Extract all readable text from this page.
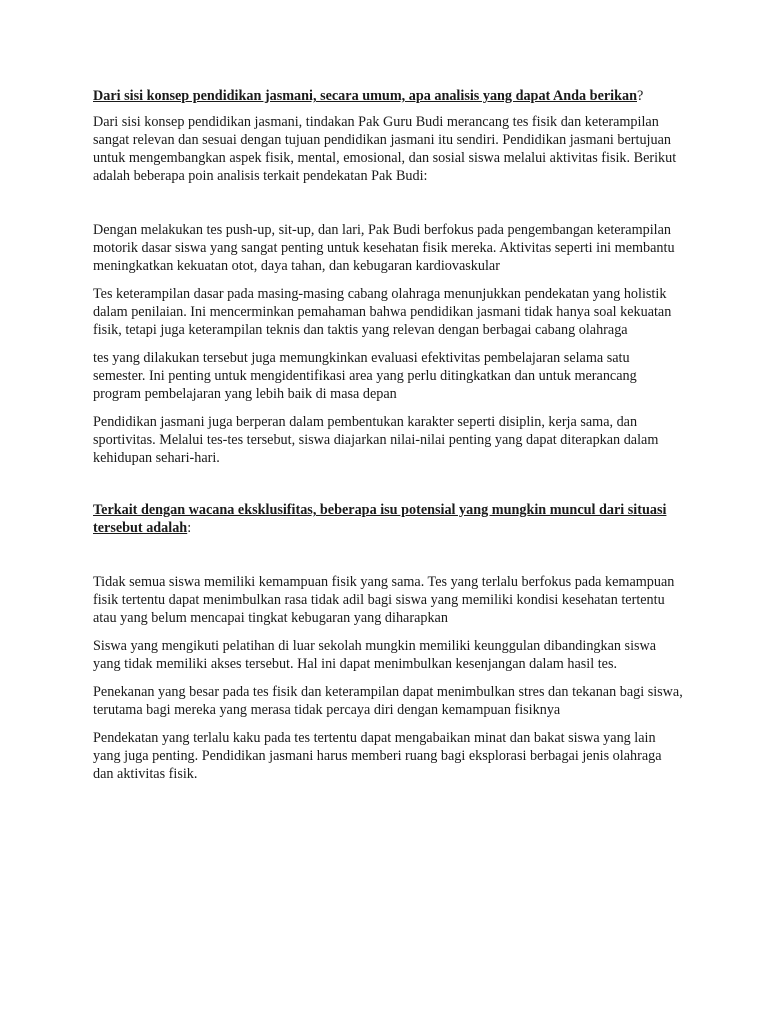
Dari sisi konsep pendidikan jasmani, secara umum, apa analisis yang dapat Anda berikan?

Dari sisi konsep pendidikan jasmani, tindakan Pak Guru Budi merancang tes fisik dan keterampilan sangat relevan dan sesuai dengan tujuan pendidikan jasmani itu sendiri. Pendidikan jasmani bertujuan untuk mengembangkan aspek fisik, mental, emosional, dan sosial siswa melalui aktivitas fisik. Berikut adalah beberapa poin analisis terkait pendekatan Pak Budi:

Dengan melakukan tes push-up, sit-up, dan lari, Pak Budi berfokus pada pengembangan keterampilan motorik dasar siswa yang sangat penting untuk kesehatan fisik mereka. Aktivitas seperti ini membantu meningkatkan kekuatan otot, daya tahan, dan kebugaran kardiovaskular

Tes keterampilan dasar pada masing-masing cabang olahraga menunjukkan pendekatan yang holistik dalam penilaian. Ini mencerminkan pemahaman bahwa pendidikan jasmani tidak hanya soal kekuatan fisik, tetapi juga keterampilan teknis dan taktis yang relevan dengan berbagai cabang olahraga

tes yang dilakukan tersebut juga memungkinkan evaluasi efektivitas pembelajaran selama satu semester. Ini penting untuk mengidentifikasi area yang perlu ditingkatkan dan untuk merancang program pembelajaran yang lebih baik di masa depan

Pendidikan jasmani juga berperan dalam pembentukan karakter seperti disiplin, kerja sama, dan sportivitas. Melalui tes-tes tersebut, siswa diajarkan nilai-nilai penting yang dapat diterapkan dalam kehidupan sehari-hari.

Terkait dengan wacana eksklusifitas, beberapa isu potensial yang mungkin muncul dari situasi tersebut adalah:

Tidak semua siswa memiliki kemampuan fisik yang sama. Tes yang terlalu berfokus pada kemampuan fisik tertentu dapat menimbulkan rasa tidak adil bagi siswa yang memiliki kondisi kesehatan tertentu atau yang belum mencapai tingkat kebugaran yang diharapkan

Siswa yang mengikuti pelatihan di luar sekolah mungkin memiliki keunggulan dibandingkan siswa yang tidak memiliki akses tersebut. Hal ini dapat menimbulkan kesenjangan dalam hasil tes.

Penekanan yang besar pada tes fisik dan keterampilan dapat menimbulkan stres dan tekanan bagi siswa, terutama bagi mereka yang merasa tidak percaya diri dengan kemampuan fisiknya

Pendekatan yang terlalu kaku pada tes tertentu dapat mengabaikan minat dan bakat siswa yang lain yang juga penting. Pendidikan jasmani harus memberi ruang bagi eksplorasi berbagai jenis olahraga dan aktivitas fisik.
